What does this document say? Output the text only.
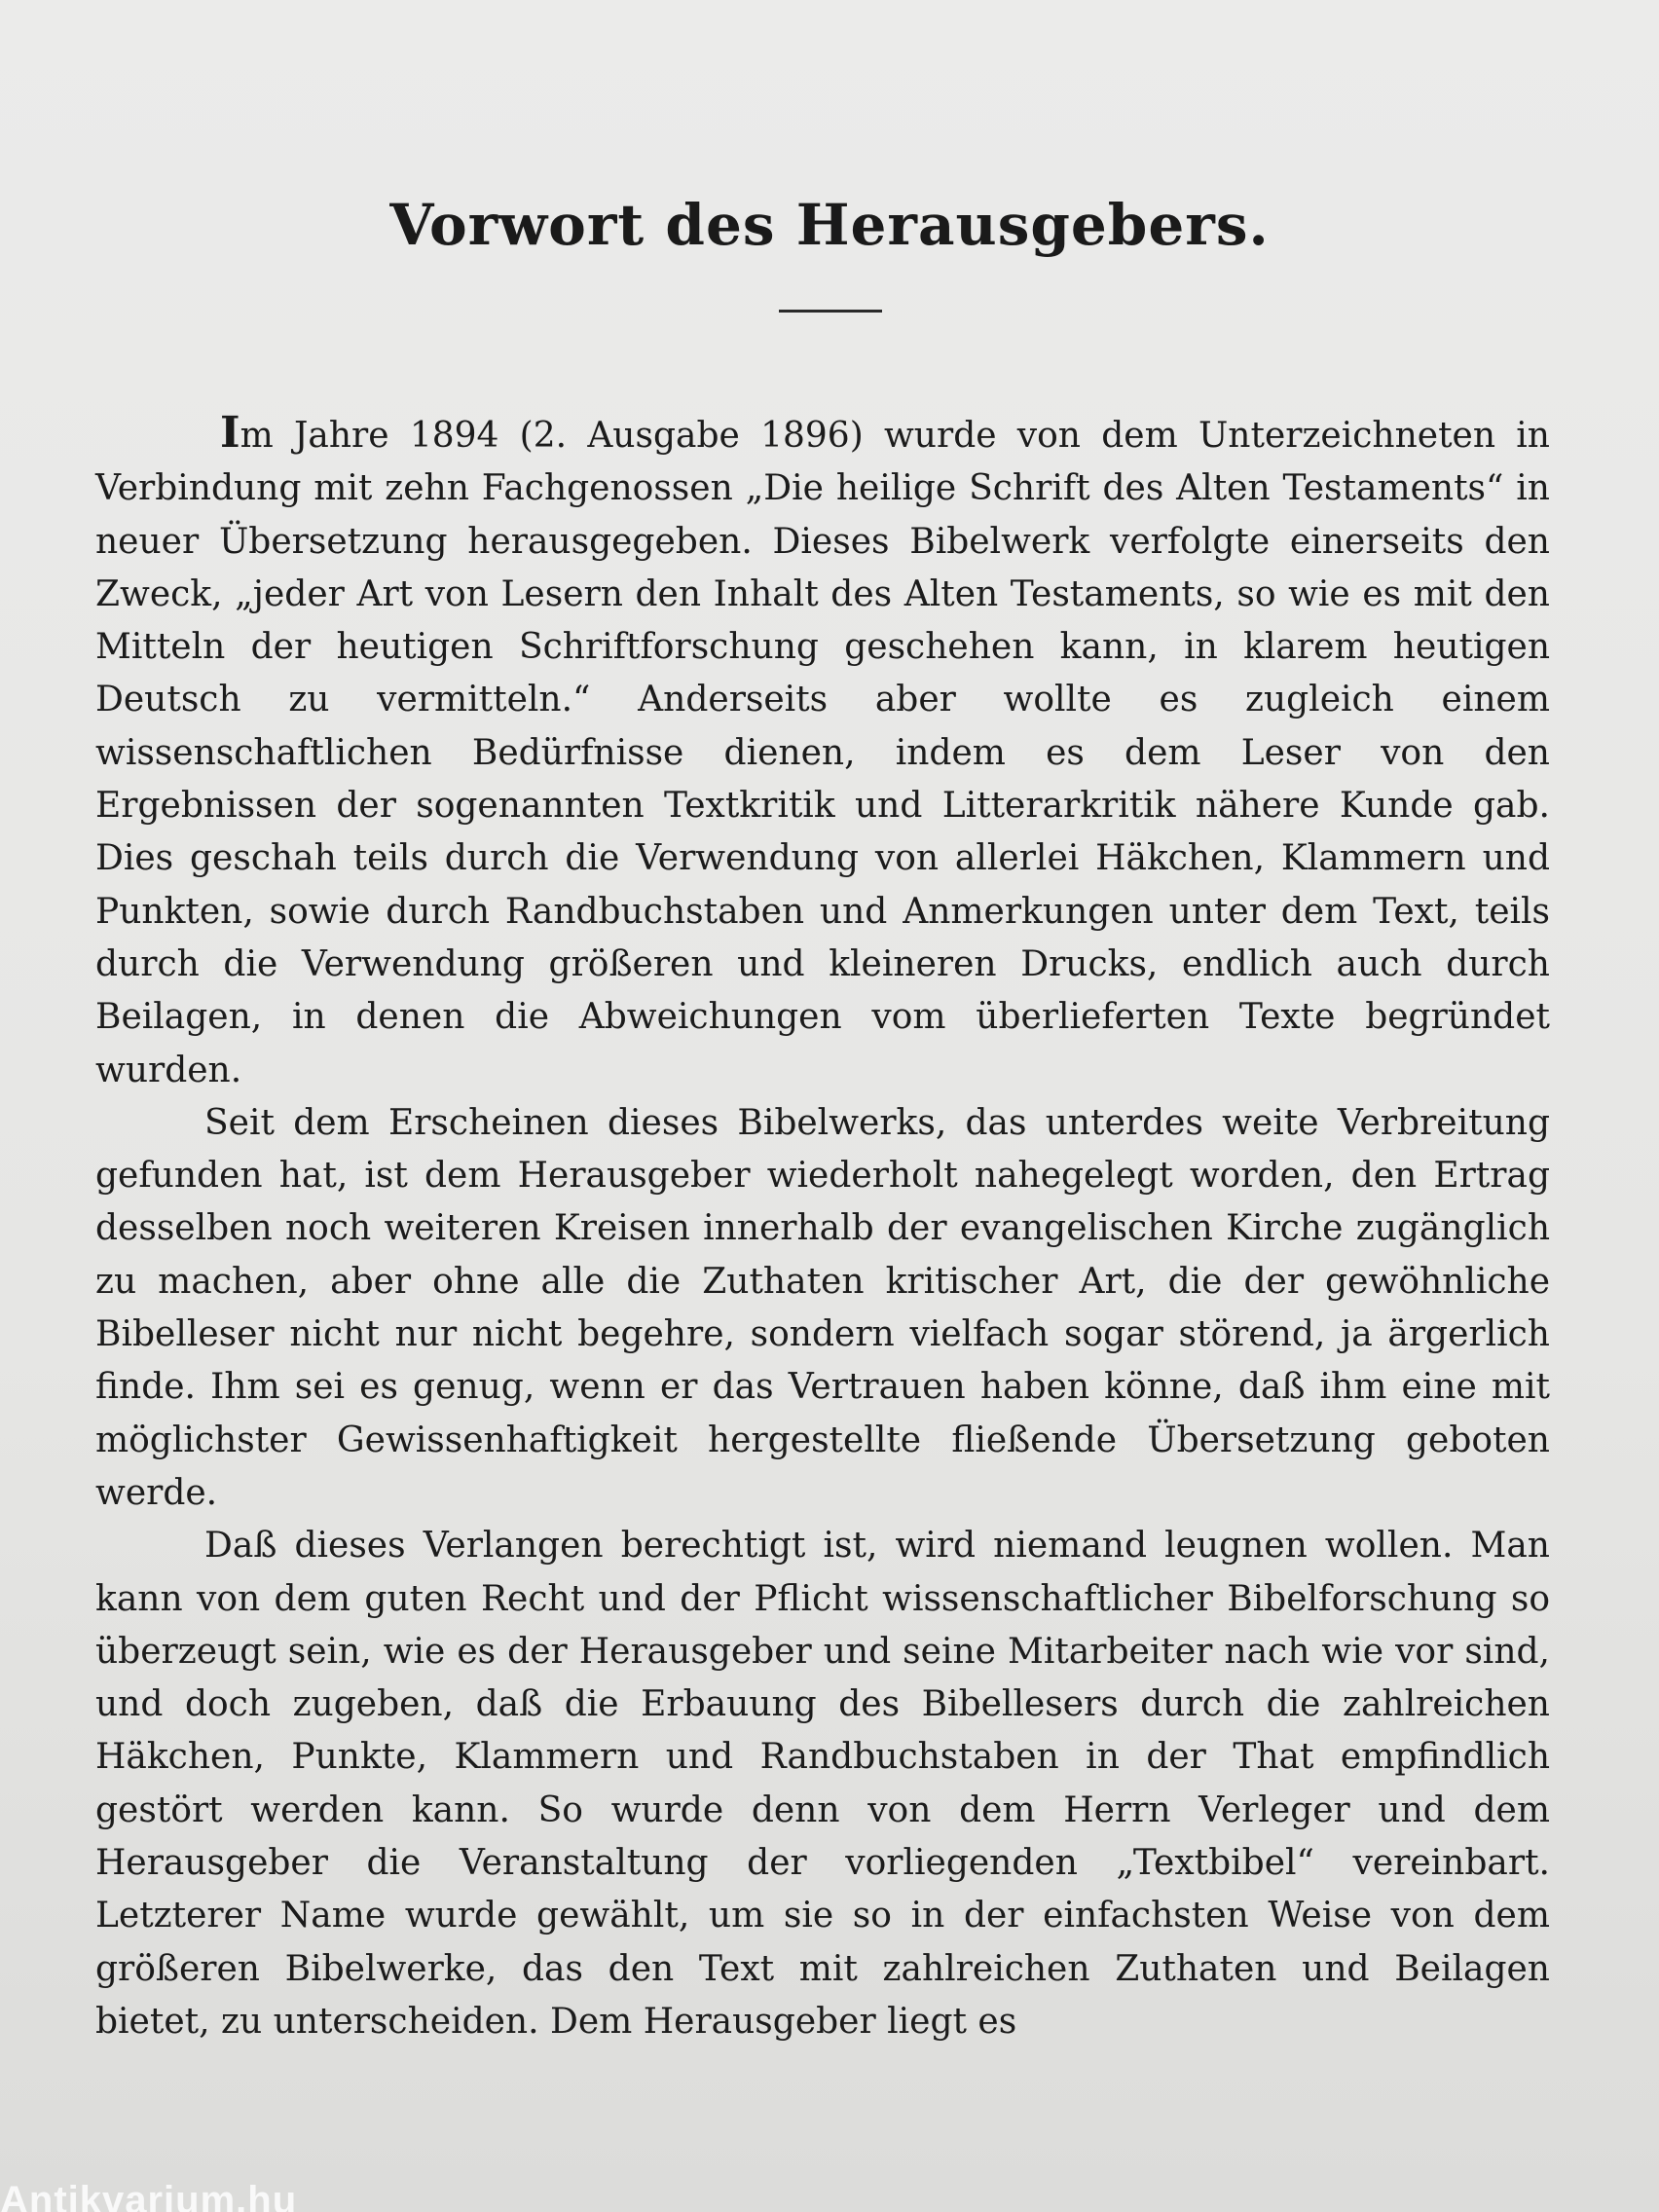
Vorwort des Herausgebers.

Im Jahre 1894 (2. Ausgabe 1896) wurde von dem Unterzeichneten in Verbindung mit zehn Fachgenossen „Die heilige Schrift des Alten Testaments“ in neuer Übersetzung herausgegeben. Dieses Bibelwerk verfolgte einerseits den Zweck, „jeder Art von Lesern den Inhalt des Alten Testaments, so wie es mit den Mitteln der heutigen Schriftforschung geschehen kann, in klarem heutigen Deutsch zu vermitteln.“ Anderseits aber wollte es zugleich einem wissenschaftlichen Bedürfnisse dienen, indem es dem Leser von den Ergebnissen der sogenannten Textkritik und Litterarkritik nähere Kunde gab. Dies geschah teils durch die Verwendung von allerlei Häkchen, Klammern und Punkten, sowie durch Randbuchstaben und Anmerkungen unter dem Text, teils durch die Verwendung größeren und kleineren Drucks, endlich auch durch Beilagen, in denen die Abweichungen vom überlieferten Texte begründet wurden.

Seit dem Erscheinen dieses Bibelwerks, das unterdes weite Verbreitung gefunden hat, ist dem Herausgeber wiederholt nahegelegt worden, den Ertrag desselben noch weiteren Kreisen innerhalb der evangelischen Kirche zugänglich zu machen, aber ohne alle die Zuthaten kritischer Art, die der gewöhnliche Bibelleser nicht nur nicht begehre, sondern vielfach sogar störend, ja ärgerlich finde. Ihm sei es genug, wenn er das Vertrauen haben könne, daß ihm eine mit möglichster Gewissenhaftigkeit hergestellte fließende Übersetzung geboten werde.

Daß dieses Verlangen berechtigt ist, wird niemand leugnen wollen. Man kann von dem guten Recht und der Pflicht wissenschaftlicher Bibelforschung so überzeugt sein, wie es der Herausgeber und seine Mitarbeiter nach wie vor sind, und doch zugeben, daß die Erbauung des Bibellesers durch die zahlreichen Häkchen, Punkte, Klammern und Randbuchstaben in der That empfindlich gestört werden kann. So wurde denn von dem Herrn Verleger und dem Herausgeber die Veranstaltung der vorliegenden „Textbibel“ vereinbart. Letzterer Name wurde gewählt, um sie so in der einfachsten Weise von dem größeren Bibelwerke, das den Text mit zahlreichen Zuthaten und Beilagen bietet, zu unterscheiden. Dem Herausgeber liegt es

Antikvarium.hu
